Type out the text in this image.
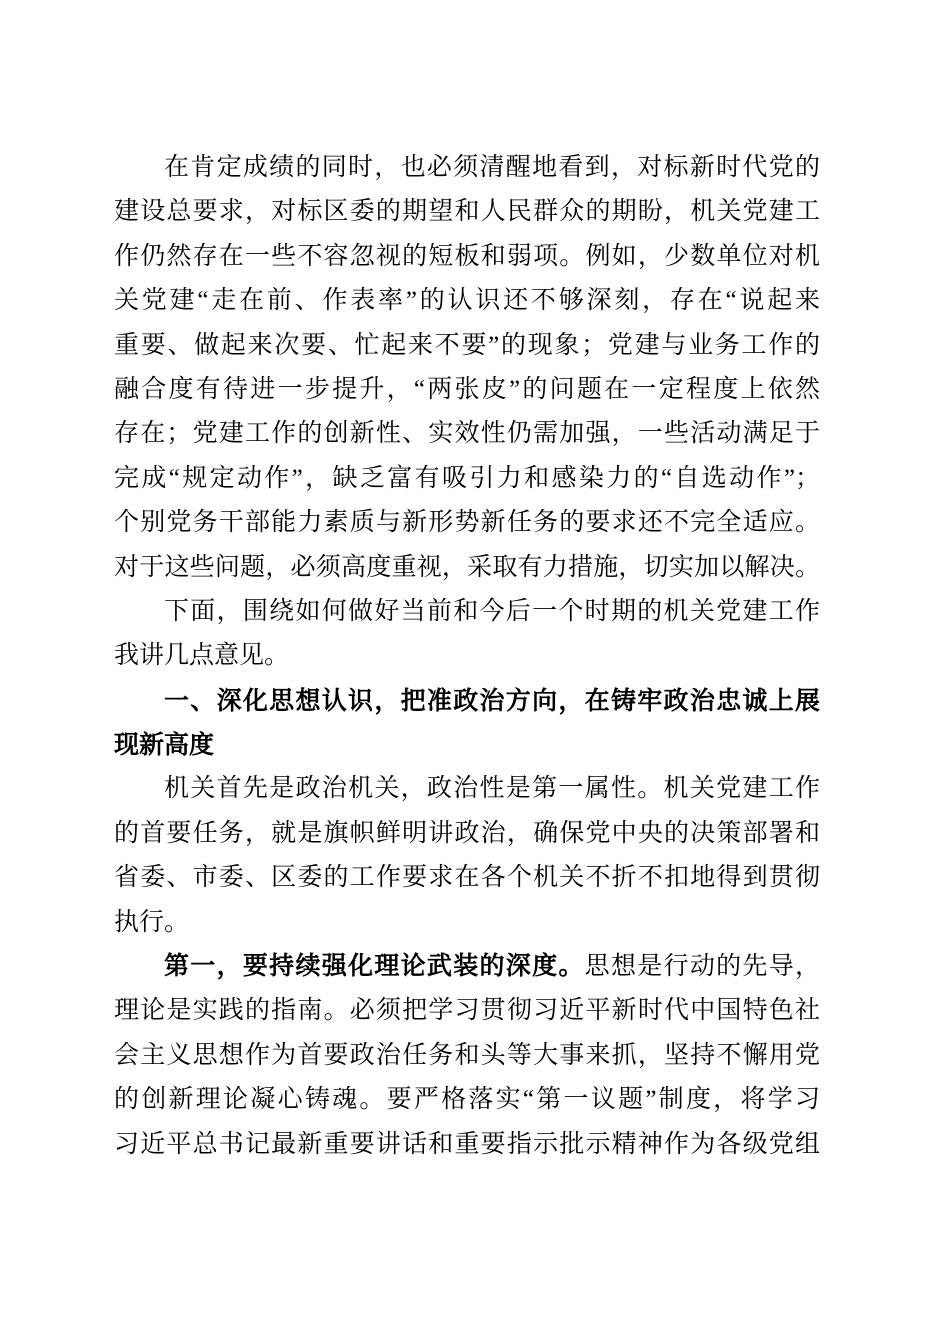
在肯定成绩的同时，也必须清醒地看到，对标新时代党的
建设总要求，对标区委的期望和人民群众的期盼，机关党建工
作仍然存在一些不容忽视的短板和弱项。例如，少数单位对机
关党建“走在前、作表率”的认识还不够深刻，存在“说起来
重要、做起来次要、忙起来不要”的现象；党建与业务工作的
融合度有待进一步提升，“两张皮”的问题在一定程度上依然
存在；党建工作的创新性、实效性仍需加强，一些活动满足于
完成“规定动作”，缺乏富有吸引力和感染力的“自选动作”；
个别党务干部能力素质与新形势新任务的要求还不完全适应。
对于这些问题，必须高度重视，采取有力措施，切实加以解决。
下面，围绕如何做好当前和今后一个时期的机关党建工作
我讲几点意见。
一、深化思想认识，把准政治方向，在铸牢政治忠诚上展
现新高度
机关首先是政治机关，政治性是第一属性。机关党建工作
的首要任务，就是旗帜鲜明讲政治，确保党中央的决策部署和
省委、市委、区委的工作要求在各个机关不折不扣地得到贯彻
执行。
第一，要持续强化理论武装的深度。思想是行动的先导，
理论是实践的指南。必须把学习贯彻习近平新时代中国特色社
会主义思想作为首要政治任务和头等大事来抓，坚持不懈用党
的创新理论凝心铸魂。要严格落实“第一议题”制度，将学习
习近平总书记最新重要讲话和重要指示批示精神作为各级党组
